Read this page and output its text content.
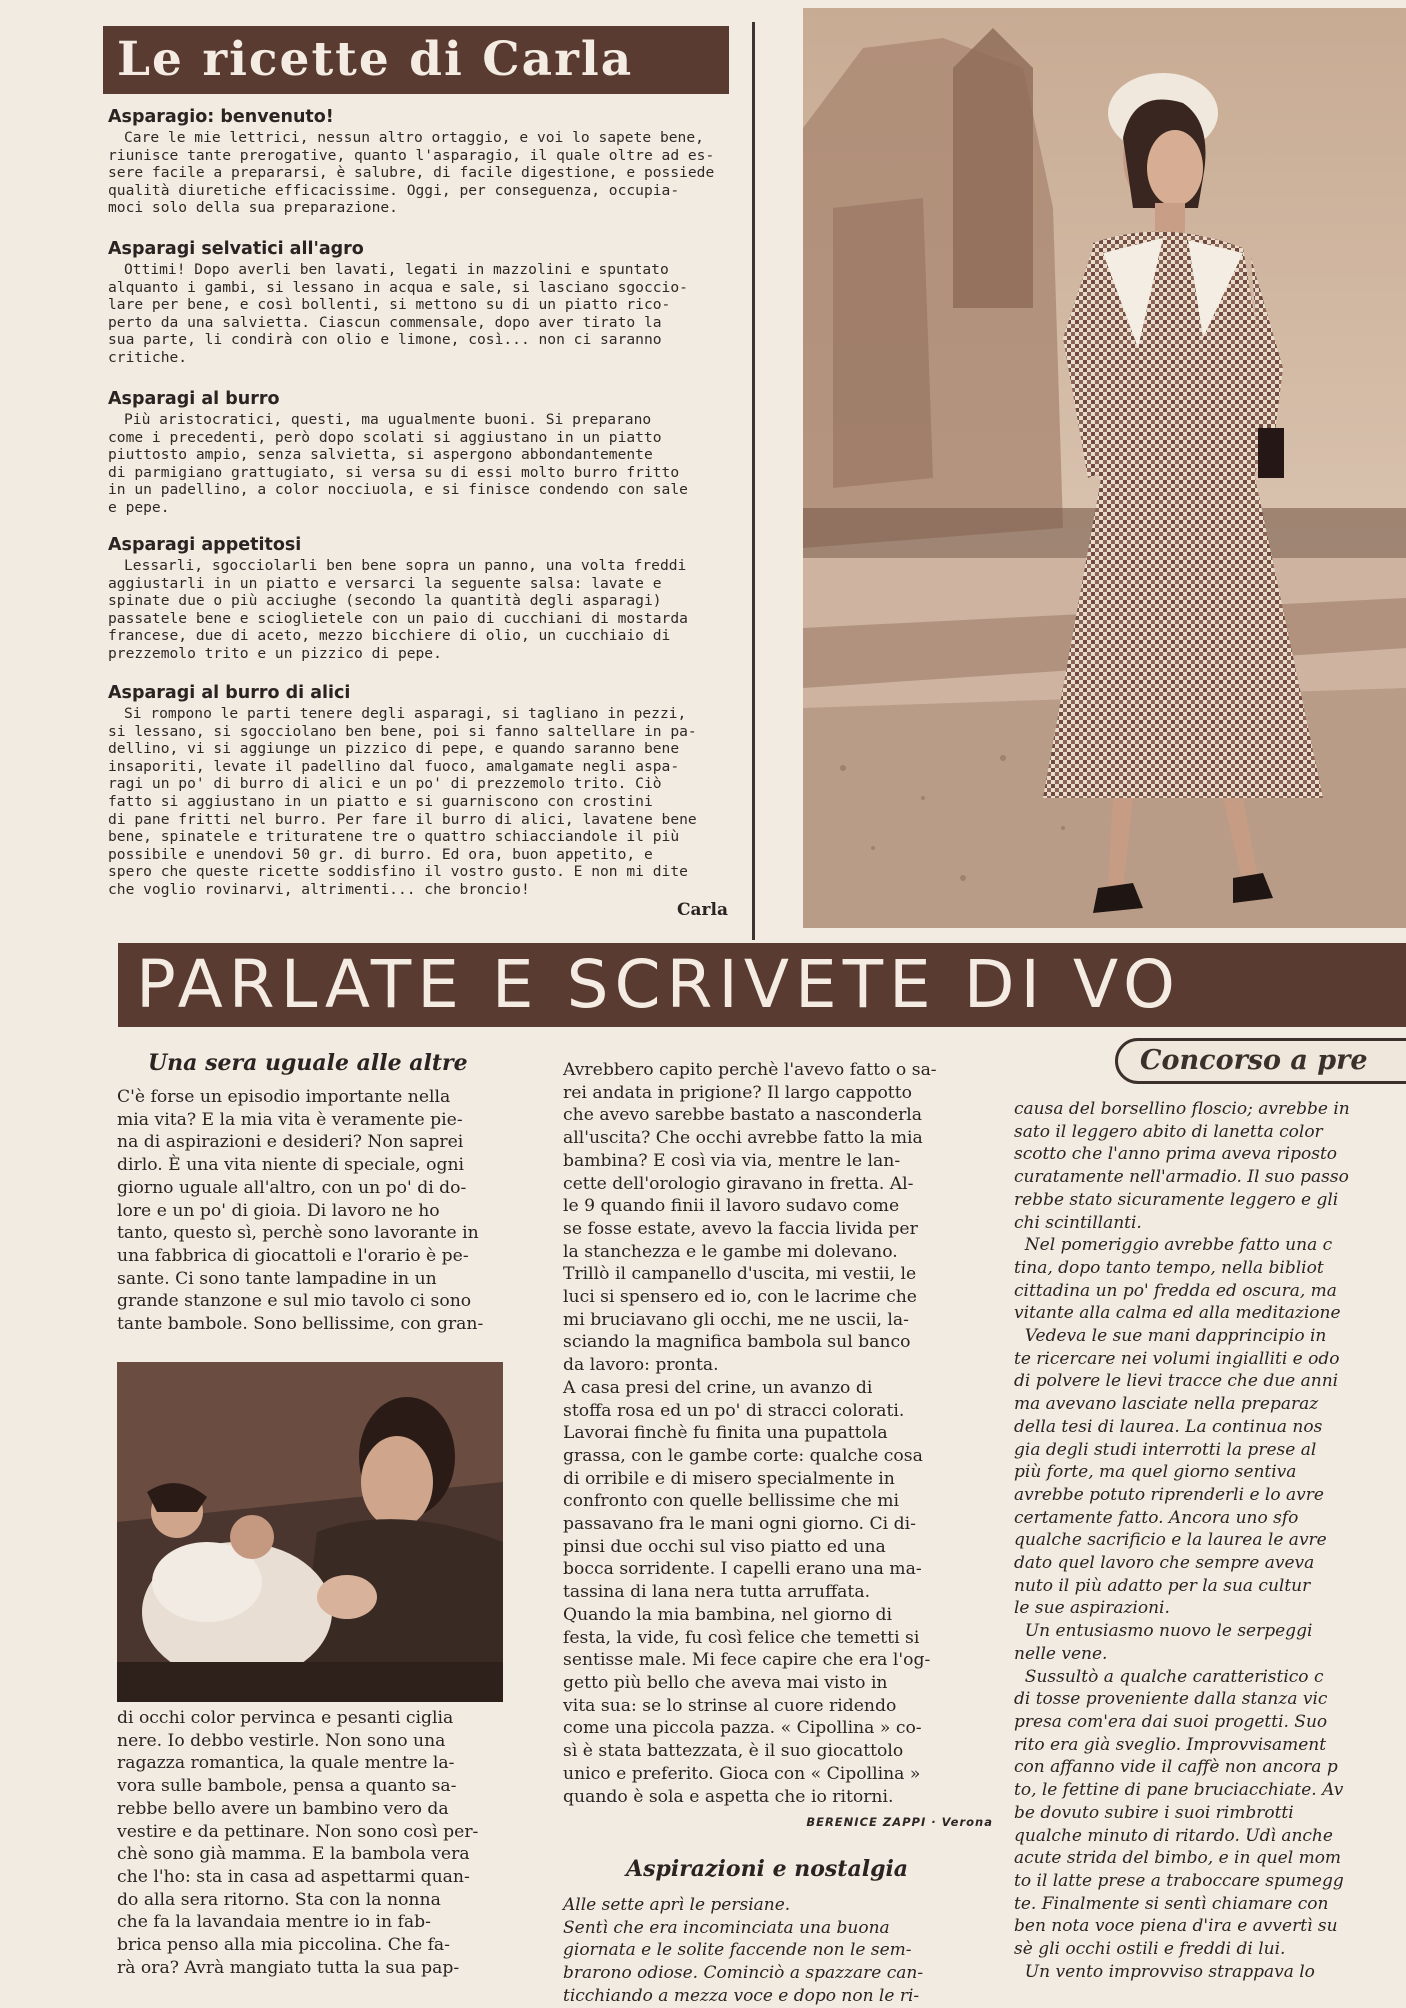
Le ricette di Carla

Asparagio: benvenuto!

Care le mie lettrici, nessun altro ortaggio, e voi lo sapete bene,
riunisce tante prerogative, quanto l'asparagio, il quale oltre ad es-
sere facile a prepararsi, è salubre, di facile digestione, e possiede
qualità diuretiche efficacissime. Oggi, per conseguenza, occupia-
moci solo della sua preparazione.

Asparagi selvatici all'agro

Ottimi! Dopo averli ben lavati, legati in mazzolini e spuntato
alquanto i gambi, si lessano in acqua e sale, si lasciano sgoccio-
lare per bene, e così bollenti, si mettono su di un piatto rico-
perto da una salvietta. Ciascun commensale, dopo aver tirato la
sua parte, li condirà con olio e limone, così... non ci saranno
critiche.

Asparagi al burro

Più aristocratici, questi, ma ugualmente buoni. Si preparano
come i precedenti, però dopo scolati si aggiustano in un piatto
piuttosto ampio, senza salvietta, si aspergono abbondantemente
di parmigiano grattugiato, si versa su di essi molto burro fritto
in un padellino, a color nocciuola, e si finisce condendo con sale
e pepe.

Asparagi appetitosi

Lessarli, sgocciolarli ben bene sopra un panno, una volta freddi
aggiustarli in un piatto e versarci la seguente salsa: lavate e
spinate due o più acciughe (secondo la quantità degli asparagi)
passatele bene e scioglietele con un paio di cucchiani di mostarda
francese, due di aceto, mezzo bicchiere di olio, un cucchiaio di
prezzemolo trito e un pizzico di pepe.

Asparagi al burro di alici

Si rompono le parti tenere degli asparagi, si tagliano in pezzi,
si lessano, si sgocciolano ben bene, poi si fanno saltellare in pa-
dellino, vi si aggiunge un pizzico di pepe, e quando saranno bene
insaporiti, levate il padellino dal fuoco, amalgamate negli aspa-
ragi un po' di burro di alici e un po' di prezzemolo trito. Ciò
fatto si aggiustano in un piatto e si guarniscono con crostini
di pane fritti nel burro. Per fare il burro di alici, lavatene bene
bene, spinatele e trituratene tre o quattro schiacciandole il più
possibile e unendovi 50 gr. di burro. Ed ora, buon appetito, e
spero che queste ricette soddisfino il vostro gusto. E non mi dite
che voglio rovinarvi, altrimenti... che broncio!

Carla
PARLATE E SCRIVETE DI VO
Concorso a pre
Una sera uguale alle altre

C'è forse un episodio importante nella
mia vita? E la mia vita è veramente pie-
na di aspirazioni e desideri? Non saprei
dirlo. È una vita niente di speciale, ogni
giorno uguale all'altro, con un po' di do-
lore e un po' di gioia. Di lavoro ne ho
tanto, questo sì, perchè sono lavorante in
una fabbrica di giocattoli e l'orario è pe-
sante. Ci sono tante lampadine in un
grande stanzone e sul mio tavolo ci sono
tante bambole. Sono bellissime, con gran-

di occhi color pervinca e pesanti ciglia
nere. Io debbo vestirle. Non sono una
ragazza romantica, la quale mentre la-
vora sulle bambole, pensa a quanto sa-
rebbe bello avere un bambino vero da
vestire e da pettinare. Non sono così per-
chè sono già mamma. E la bambola vera
che l'ho: sta in casa ad aspettarmi quan-
do alla sera ritorno. Sta con la nonna
che fa la lavandaia mentre io in fab-
brica penso alla mia piccolina. Che fa-
rà ora? Avrà mangiato tutta la sua pap-

Avrebbero capito perchè l'avevo fatto o sa-
rei andata in prigione? Il largo cappotto
che avevo sarebbe bastato a nasconderla
all'uscita? Che occhi avrebbe fatto la mia
bambina? E così via via, mentre le lan-
cette dell'orologio giravano in fretta. Al-
le 9 quando finii il lavoro sudavo come
se fosse estate, avevo la faccia livida per
la stanchezza e le gambe mi dolevano.
Trillò il campanello d'uscita, mi vestii, le
luci si spensero ed io, con le lacrime che
mi bruciavano gli occhi, me ne uscii, la-
sciando la magnifica bambola sul banco
da lavoro: pronta.
A casa presi del crine, un avanzo di
stoffa rosa ed un po' di stracci colorati.
Lavorai finchè fu finita una pupattola
grassa, con le gambe corte: qualche cosa
di orribile e di misero specialmente in
confronto con quelle bellissime che mi
passavano fra le mani ogni giorno. Ci di-
pinsi due occhi sul viso piatto ed una
bocca sorridente. I capelli erano una ma-
tassina di lana nera tutta arruffata.
Quando la mia bambina, nel giorno di
festa, la vide, fu così felice che temetti si
sentisse male. Mi fece capire che era l'og-
getto più bello che aveva mai visto in
vita sua: se lo strinse al cuore ridendo
come una piccola pazza. « Cipollina » co-
sì è stata battezzata, è il suo giocattolo
unico e preferito. Gioca con « Cipollina »
quando è sola e aspetta che io ritorni.

BERENICE ZAPPI · Verona
Aspirazioni e nostalgia

Alle sette aprì le persiane.
Sentì che era incominciata una buona
giornata e le solite faccende non le sem-
brarono odiose. Cominciò a spazzare can-
ticchiando a mezza voce e dopo non le ri-

causa del borsellino floscio; avrebbe in
sato il leggero abito di lanetta color
scotto che l'anno prima aveva riposto
curatamente nell'armadio. Il suo passo
rebbe stato sicuramente leggero e gli
chi scintillanti.
Nel pomeriggio avrebbe fatto una c
tina, dopo tanto tempo, nella bibliot
cittadina un po' fredda ed oscura, ma
vitante alla calma ed alla meditazione
Vedeva le sue mani dapprincipio in
te ricercare nei volumi ingialliti e odo
di polvere le lievi tracce che due anni
ma avevano lasciate nella preparaz
della tesi di laurea. La continua nos
gia degli studi interrotti la prese al
più forte, ma quel giorno sentiva
avrebbe potuto riprenderli e lo avre
certamente fatto. Ancora uno sfo
qualche sacrificio e la laurea le avre
dato quel lavoro che sempre aveva
nuto il più adatto per la sua cultur
le sue aspirazioni.
Un entusiasmo nuovo le serpeggi
nelle vene.
Sussultò a qualche caratteristico c
di tosse proveniente dalla stanza vic
presa com'era dai suoi progetti. Suo
rito era già sveglio. Improvvisament
con affanno vide il caffè non ancora p
to, le fettine di pane bruciacchiate. Av
be dovuto subire i suoi rimbrotti
qualche minuto di ritardo. Udì anche
acute strida del bimbo, e in quel mom
to il latte prese a traboccare spumegg
te. Finalmente si sentì chiamare con
ben nota voce piena d'ira e avvertì su
sè gli occhi ostili e freddi di lui.
Un vento improvviso strappava lo
